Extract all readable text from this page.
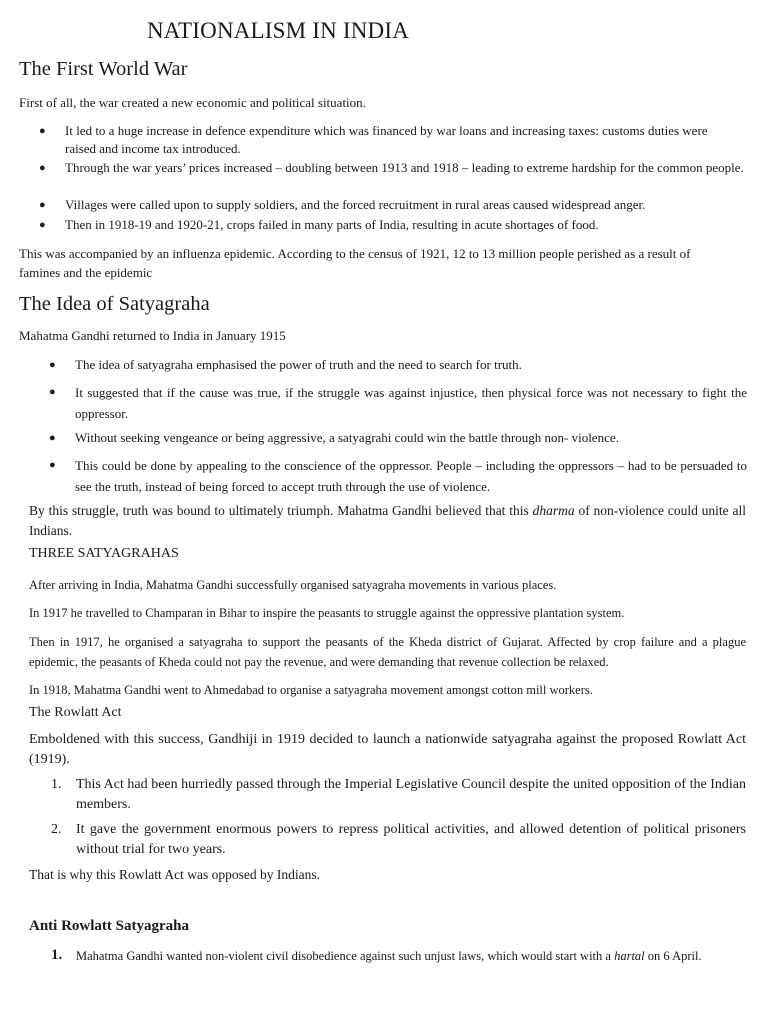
NATIONALISM IN INDIA
The First World War
First of all, the war created a new economic and political situation.
● It led to a huge increase in defence expenditure which was financed by war loans and increasing taxes: customs duties were raised and income tax introduced.
● Through the war years’ prices increased – doubling between 1913 and 1918 – leading to extreme hardship for the common people.
● Villages were called upon to supply soldiers, and the forced recruitment in rural areas caused widespread anger.
● Then in 1918-19 and 1920-21, crops failed in many parts of India, resulting in acute shortages of food.
This was accompanied by an influenza epidemic. According to the census of 1921, 12 to 13 million people perished as a result of famines and the epidemic
The Idea of Satyagraha
Mahatma Gandhi returned to India in January 1915
● The idea of satyagraha emphasised the power of truth and the need to search for truth.
● It suggested that if the cause was true, if the struggle was against injustice, then physical force was not necessary to fight the oppressor.
● Without seeking vengeance or being aggressive, a satyagrahi could win the battle through non- violence.
● This could be done by appealing to the conscience of the oppressor. People – including the oppressors – had to be persuaded to see the truth, instead of being forced to accept truth through the use of violence.
By this struggle, truth was bound to ultimately triumph. Mahatma Gandhi believed that this dharma of non-violence could unite all Indians.
THREE SATYAGRAHAS
After arriving in India, Mahatma Gandhi successfully organised satyagraha movements in various places.
In 1917 he travelled to Champaran in Bihar to inspire the peasants to struggle against the oppressive plantation system.
Then in 1917, he organised a satyagraha to support the peasants of the Kheda district of Gujarat. Affected by crop failure and a plague epidemic, the peasants of Kheda could not pay the revenue, and were demanding that revenue collection be relaxed.
In 1918, Mahatma Gandhi went to Ahmedabad to organise a satyagraha movement amongst cotton mill workers.
The Rowlatt Act
Emboldened with this success, Gandhiji in 1919 decided to launch a nationwide satyagraha against the proposed Rowlatt Act (1919).
1. This Act had been hurriedly passed through the Imperial Legislative Council despite the united opposition of the Indian members.
2. It gave the government enormous powers to repress political activities, and allowed detention of political prisoners without trial for two years.
That is why this Rowlatt Act was opposed by Indians.
Anti Rowlatt Satyagraha
1. Mahatma Gandhi wanted non-violent civil disobedience against such unjust laws, which would start with a hartal on 6 April.
